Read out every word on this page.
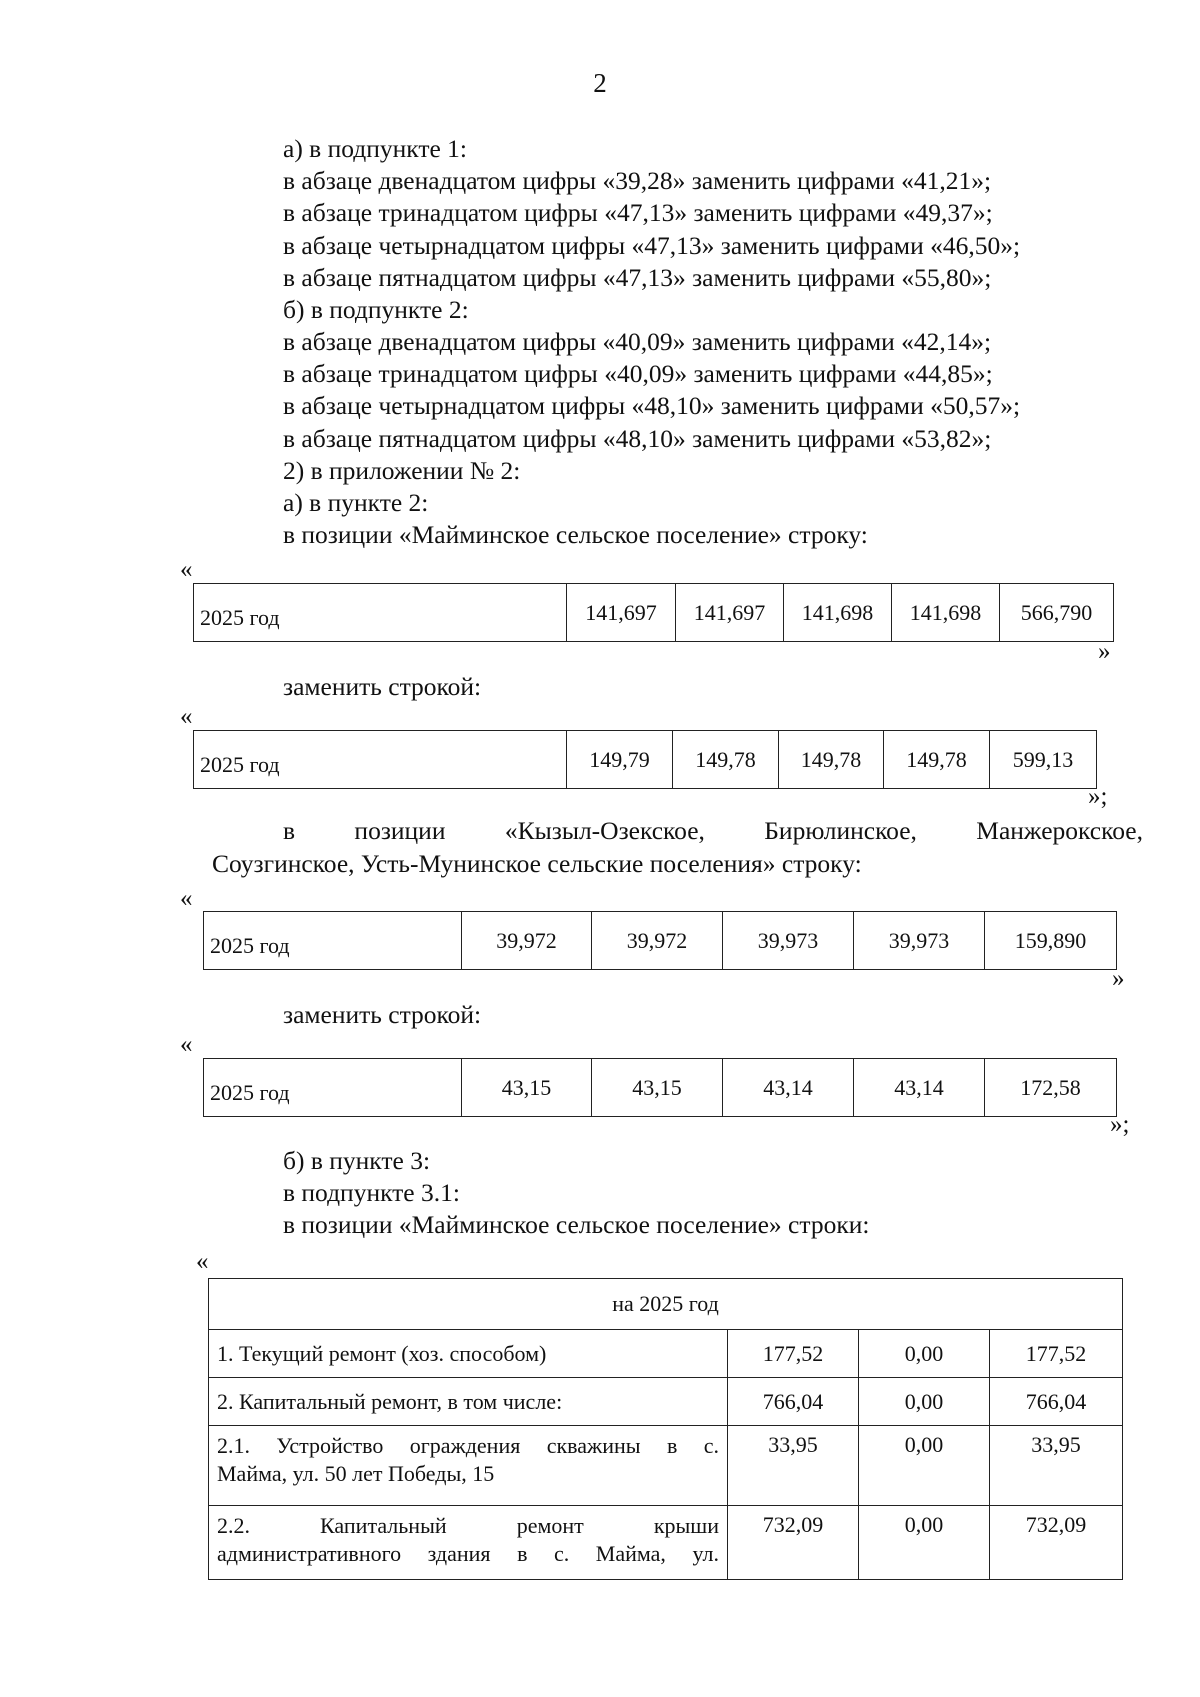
2
а) в подпункте 1:
в абзаце двенадцатом цифры «39,28» заменить цифрами «41,21»;
в абзаце тринадцатом цифры «47,13» заменить цифрами «49,37»;
в абзаце четырнадцатом цифры «47,13» заменить цифрами «46,50»;
в абзаце пятнадцатом цифры «47,13» заменить цифрами «55,80»;
б) в подпункте 2:
в абзаце двенадцатом цифры «40,09» заменить цифрами «42,14»;
в абзаце тринадцатом цифры «40,09» заменить цифрами «44,85»;
в абзаце четырнадцатом цифры «48,10» заменить цифрами «50,57»;
в абзаце пятнадцатом цифры «48,10» заменить цифрами «53,82»;
2) в приложении № 2:
а) в пункте 2:
в позиции «Майминское сельское поселение» строку:
«
2025 год	141,697	141,697	141,698	141,698	566,790
»
заменить строкой:
«
2025 год	149,79	149,78	149,78	149,78	599,13
»;
в позиции «Кызыл-Озекское, Бирюлинское, Манжерокское,
Соузгинское, Усть-Мунинское сельские поселения» строку:
«
2025 год	39,972	39,972	39,973	39,973	159,890
»
заменить строкой:
«
2025 год	43,15	43,15	43,14	43,14	172,58
»;
б) в пункте 3:
в подпункте 3.1:
в позиции «Майминское сельское поселение» строки:
«
на 2025 год			
1. Текущий ремонт (хоз. способом)	177,52	0,00	177,52
2. Капитальный ремонт, в том числе:	766,04	0,00	766,04

2.1. Устройство ограждения скважины в с.
Майма, ул. 50 лет Победы, 15	33,95	0,00	33,95

2.2. Капитальный ремонт крыши
административного здания в с. Майма, ул.	732,09	0,00	732,09
